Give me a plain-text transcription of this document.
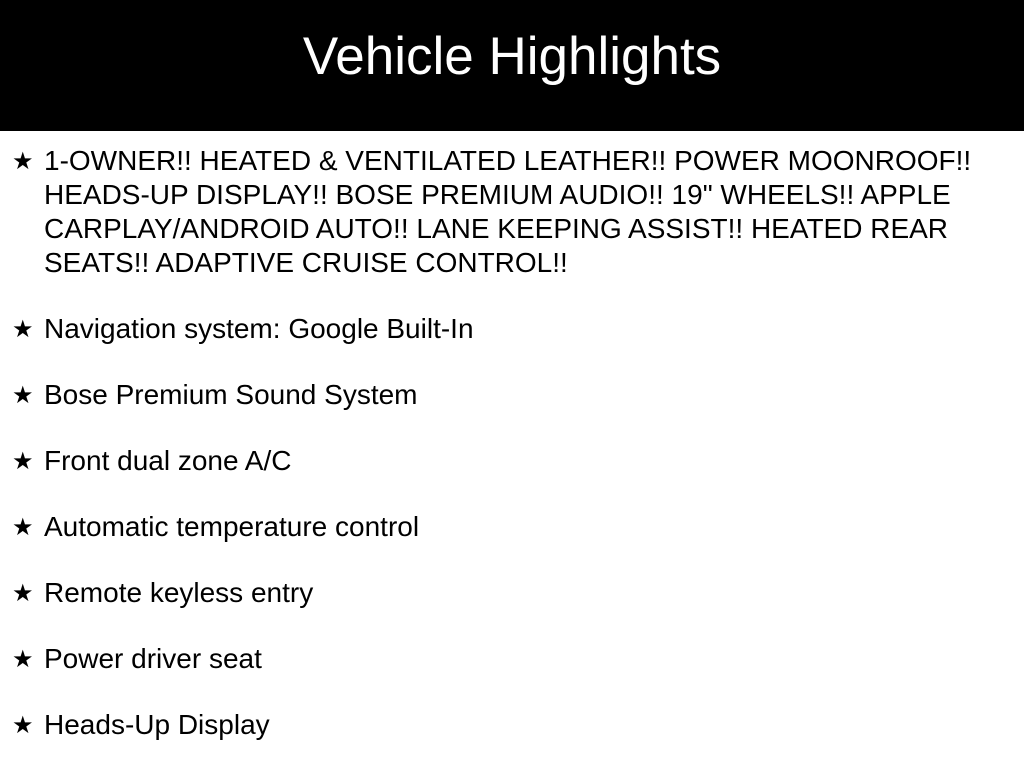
Vehicle Highlights
★ 1-OWNER!! HEATED & VENTILATED LEATHER!! POWER MOONROOF!! HEADS-UP DISPLAY!! BOSE PREMIUM AUDIO!! 19" WHEELS!! APPLE CARPLAY/ANDROID AUTO!! LANE KEEPING ASSIST!! HEATED REAR SEATS!! ADAPTIVE CRUISE CONTROL!!
★ Navigation system: Google Built-In
★ Bose Premium Sound System
★ Front dual zone A/C
★ Automatic temperature control
★ Remote keyless entry
★ Power driver seat
★ Heads-Up Display
